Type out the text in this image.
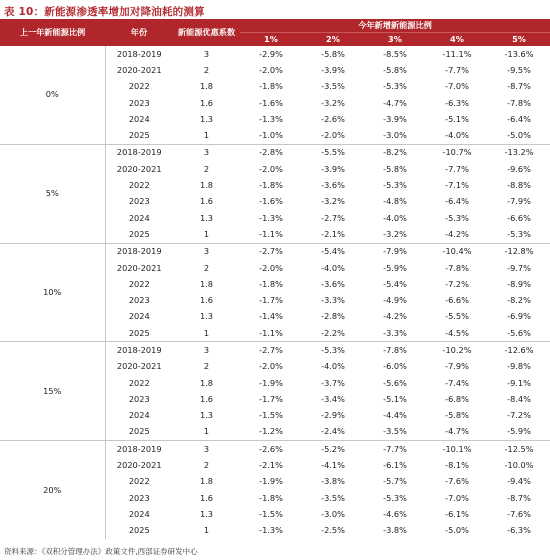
表 10：新能源渗透率增加对降油耗的测算
上一年新能源比例	年份	新能源优惠系数	今年新增新能源比例				
			1%	2%	3%	4%	5%
0%	2018-2019	3	-2.9%	-5.8%	-8.5%	-11.1%	-13.6%
	2020-2021	2	-2.0%	-3.9%	-5.8%	-7.7%	-9.5%
	2022	1.8	-1.8%	-3.5%	-5.3%	-7.0%	-8.7%
	2023	1.6	-1.6%	-3.2%	-4.7%	-6.3%	-7.8%
	2024	1.3	-1.3%	-2.6%	-3.9%	-5.1%	-6.4%
	2025	1	-1.0%	-2.0%	-3.0%	-4.0%	-5.0%
5%	2018-2019	3	-2.8%	-5.5%	-8.2%	-10.7%	-13.2%
	2020-2021	2	-2.0%	-3.9%	-5.8%	-7.7%	-9.6%
	2022	1.8	-1.8%	-3.6%	-5.3%	-7.1%	-8.8%
	2023	1.6	-1.6%	-3.2%	-4.8%	-6.4%	-7.9%
	2024	1.3	-1.3%	-2.7%	-4.0%	-5.3%	-6.6%
	2025	1	-1.1%	-2.1%	-3.2%	-4.2%	-5.3%
10%	2018-2019	3	-2.7%	-5.4%	-7.9%	-10.4%	-12.8%
	2020-2021	2	-2.0%	-4.0%	-5.9%	-7.8%	-9.7%
	2022	1.8	-1.8%	-3.6%	-5.4%	-7.2%	-8.9%
	2023	1.6	-1.7%	-3.3%	-4.9%	-6.6%	-8.2%
	2024	1.3	-1.4%	-2.8%	-4.2%	-5.5%	-6.9%
	2025	1	-1.1%	-2.2%	-3.3%	-4.5%	-5.6%
15%	2018-2019	3	-2.7%	-5.3%	-7.8%	-10.2%	-12.6%
	2020-2021	2	-2.0%	-4.0%	-6.0%	-7.9%	-9.8%
	2022	1.8	-1.9%	-3.7%	-5.6%	-7.4%	-9.1%
	2023	1.6	-1.7%	-3.4%	-5.1%	-6.8%	-8.4%
	2024	1.3	-1.5%	-2.9%	-4.4%	-5.8%	-7.2%
	2025	1	-1.2%	-2.4%	-3.5%	-4.7%	-5.9%
20%	2018-2019	3	-2.6%	-5.2%	-7.7%	-10.1%	-12.5%
	2020-2021	2	-2.1%	-4.1%	-6.1%	-8.1%	-10.0%
	2022	1.8	-1.9%	-3.8%	-5.7%	-7.6%	-9.4%
	2023	1.6	-1.8%	-3.5%	-5.3%	-7.0%	-8.7%
	2024	1.3	-1.5%	-3.0%	-4.6%	-6.1%	-7.6%
	2025	1	-1.3%	-2.5%	-3.8%	-5.0%	-6.3%
资料来源：《双积分管理办法》政策文件,西部证券研发中心
